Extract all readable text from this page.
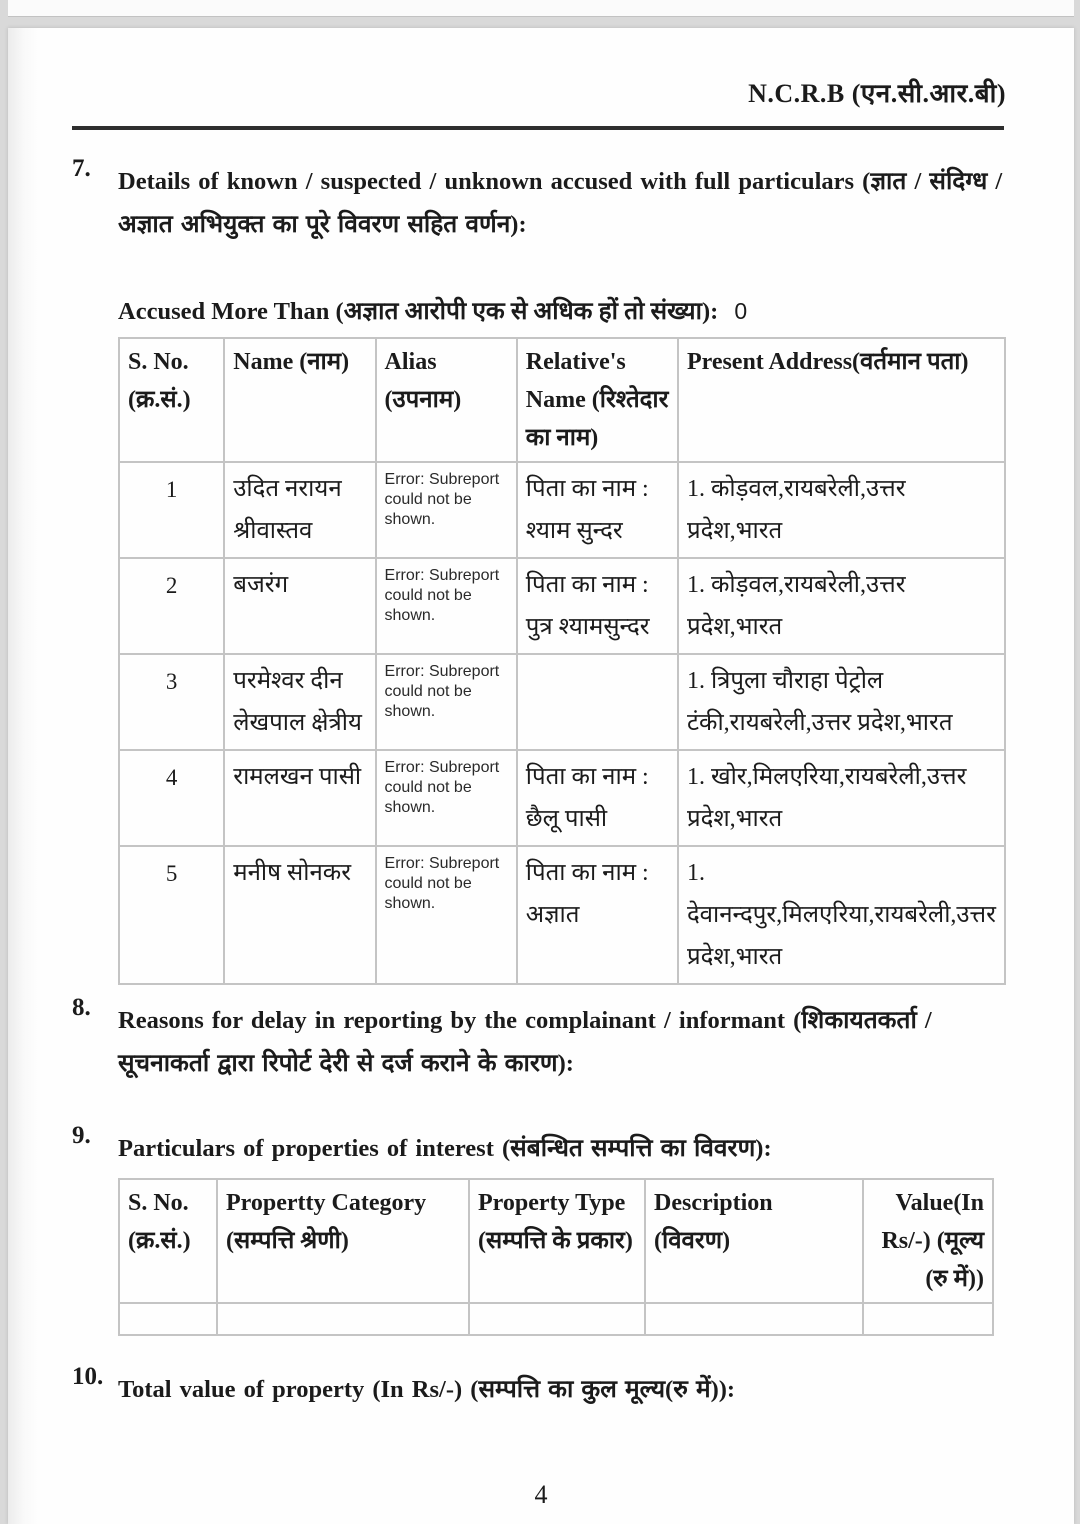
N.C.R.B (एन.सी.आर.बी)
7.	Details of known / suspected / unknown accused with full particulars (ज्ञात / संदिग्ध / अज्ञात अभियुक्त का पूरे विवरण सहित वर्णन):
Accused More Than (अज्ञात आरोपी एक से अधिक हों तो संख्या): 0
S. No. (क्र.सं.)	Name (नाम)	Alias (उपनाम)	Relative's Name (रिश्तेदार का नाम)	Present Address(वर्तमान पता)
1	उदित नरायन श्रीवास्तव	Error: Subreport could not be shown.	पिता का नाम : श्याम सुन्दर	1. कोड़वल,रायबरेली,उत्तर प्रदेश,भारत
2	बजरंग	Error: Subreport could not be shown.	पिता का नाम : पुत्र श्यामसुन्दर	1. कोड़वल,रायबरेली,उत्तर प्रदेश,भारत
3	परमेश्वर दीन लेखपाल क्षेत्रीय	Error: Subreport could not be shown.		1. त्रिपुला चौराहा पेट्रोल टंकी,रायबरेली,उत्तर प्रदेश,भारत
4	रामलखन पासी	Error: Subreport could not be shown.	पिता का नाम : छैलू पासी	1. खोर,मिलएरिया,रायबरेली,उत्तर प्रदेश,भारत
5	मनीष सोनकर	Error: Subreport could not be shown.	पिता का नाम : अज्ञात	1. देवानन्दपुर,मिलएरिया,रायबरेली,उत्तर प्रदेश,भारत
8.	Reasons for delay in reporting by the complainant / informant (शिकायतकर्ता / सूचनाकर्ता द्वारा रिपोर्ट देरी से दर्ज कराने के कारण):
9.	Particulars of properties of interest (संबन्धित सम्पत्ति का विवरण):
S. No. (क्र.सं.)	Propertty Category (सम्पत्ति श्रेणी)	Property Type (सम्पत्ति के प्रकार)	Description (विवरण)	Value(In Rs/-) (मूल्य (रु में))

10. Total value of property (In Rs/-) (सम्पत्ति का कुल मूल्य(रु में)):
4
